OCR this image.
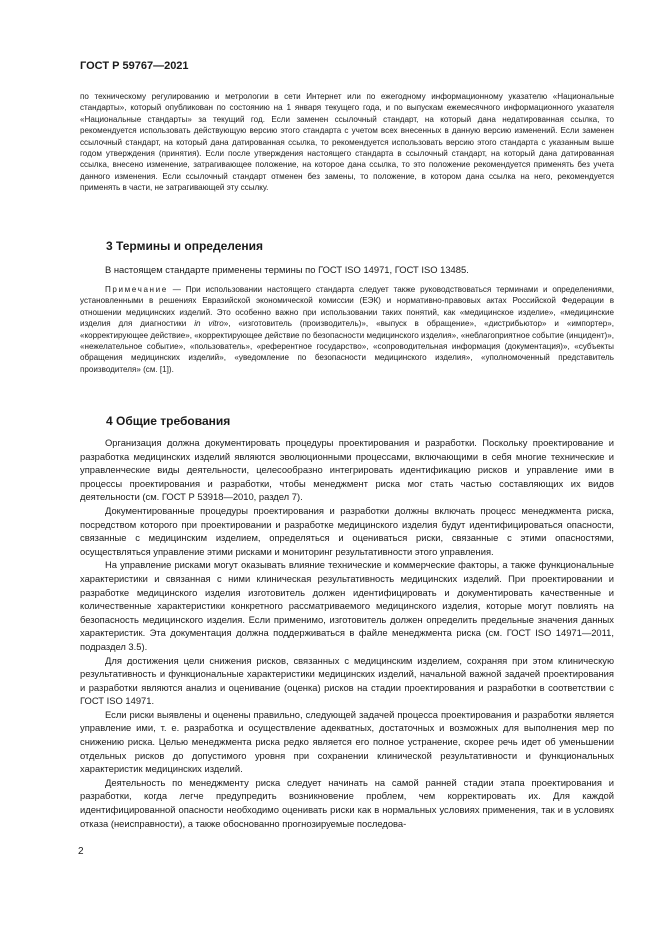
ГОСТ Р 59767—2021

по техническому регулированию и метрологии в сети Интернет или по ежегодному информационному указателю «Национальные стандарты», который опубликован по состоянию на 1 января текущего года, и по выпускам ежемесячного информационного указателя «Национальные стандарты» за текущий год. Если заменен ссылочный стандарт, на который дана недатированная ссылка, то рекомендуется использовать действующую версию этого стандарта с учетом всех внесенных в данную версию изменений. Если заменен ссылочный стандарт, на который дана датированная ссылка, то рекомендуется использовать версию этого стандарта с указанным выше годом утверждения (принятия). Если после утверждения настоящего стандарта в ссылочный стандарт, на который дана датированная ссылка, внесено изменение, затрагивающее положение, на которое дана ссылка, то это положение рекомендуется применять без учета данного изменения. Если ссылочный стандарт отменен без замены, то положение, в котором дана ссылка на него, рекомендуется применять в части, не затрагивающей эту ссылку.

3 Термины и определения

В настоящем стандарте применены термины по ГОСТ ISO 14971, ГОСТ ISO 13485.

Примечание — При использовании настоящего стандарта следует также руководствоваться терминами и определениями, установленными в решениях Евразийской экономической комиссии (ЕЭК) и нормативно-правовых актах Российской Федерации в отношении медицинских изделий. Это особенно важно при использовании таких понятий, как «медицинское изделие», «медицинские изделия для диагностики in vitro», «изготовитель (производитель)», «выпуск в обращение», «дистрибьютор» и «импортер», «корректирующее действие», «корректирующее действие по безопасности медицинского изделия», «неблагоприятное событие (инцидент)», «нежелательное событие», «пользователь», «референтное государство», «сопроводительная информация (документация)», «субъекты обращения медицинских изделий», «уведомление по безопасности медицинского изделия», «уполномоченный представитель производителя» (см. [1]).

4 Общие требования

Организация должна документировать процедуры проектирования и разработки. Поскольку проектирование и разработка медицинских изделий являются эволюционными процессами, включающими в себя многие технические и управленческие виды деятельности, целесообразно интегрировать идентификацию рисков и управление ими в процессы проектирования и разработки, чтобы менеджмент риска мог стать частью составляющих их видов деятельности (см. ГОСТ Р 53918—2010, раздел 7).

Документированные процедуры проектирования и разработки должны включать процесс менеджмента риска, посредством которого при проектировании и разработке медицинского изделия будут идентифицироваться опасности, связанные с медицинским изделием, определяться и оцениваться риски, связанные с этими опасностями, осуществляться управление этими рисками и мониторинг результативности этого управления.

На управление рисками могут оказывать влияние технические и коммерческие факторы, а также функциональные характеристики и связанная с ними клиническая результативность медицинских изделий. При проектировании и разработке медицинского изделия изготовитель должен идентифицировать и документировать качественные и количественные характеристики конкретного рассматриваемого медицинского изделия, которые могут повлиять на безопасность медицинского изделия. Если применимо, изготовитель должен определить предельные значения данных характеристик. Эта документация должна поддерживаться в файле менеджмента риска (см. ГОСТ ISO 14971—2011, подраздел 3.5).

Для достижения цели снижения рисков, связанных с медицинским изделием, сохраняя при этом клиническую результативность и функциональные характеристики медицинских изделий, начальной важной задачей проектирования и разработки являются анализ и оценивание (оценка) рисков на стадии проектирования и разработки в соответствии с ГОСТ ISO 14971.

Если риски выявлены и оценены правильно, следующей задачей процесса проектирования и разработки является управление ими, т. е. разработка и осуществление адекватных, достаточных и возможных для выполнения мер по снижению риска. Целью менеджмента риска редко является его полное устранение, скорее речь идет об уменьшении отдельных рисков до допустимого уровня при сохранении клинической результативности и функциональных характеристик медицинских изделий.

Деятельность по менеджменту риска следует начинать на самой ранней стадии этапа проектирования и разработки, когда легче предупредить возникновение проблем, чем корректировать их. Для каждой идентифицированной опасности необходимо оценивать риски как в нормальных условиях применения, так и в условиях отказа (неисправности), а также обоснованно прогнозируемые последова-

2
